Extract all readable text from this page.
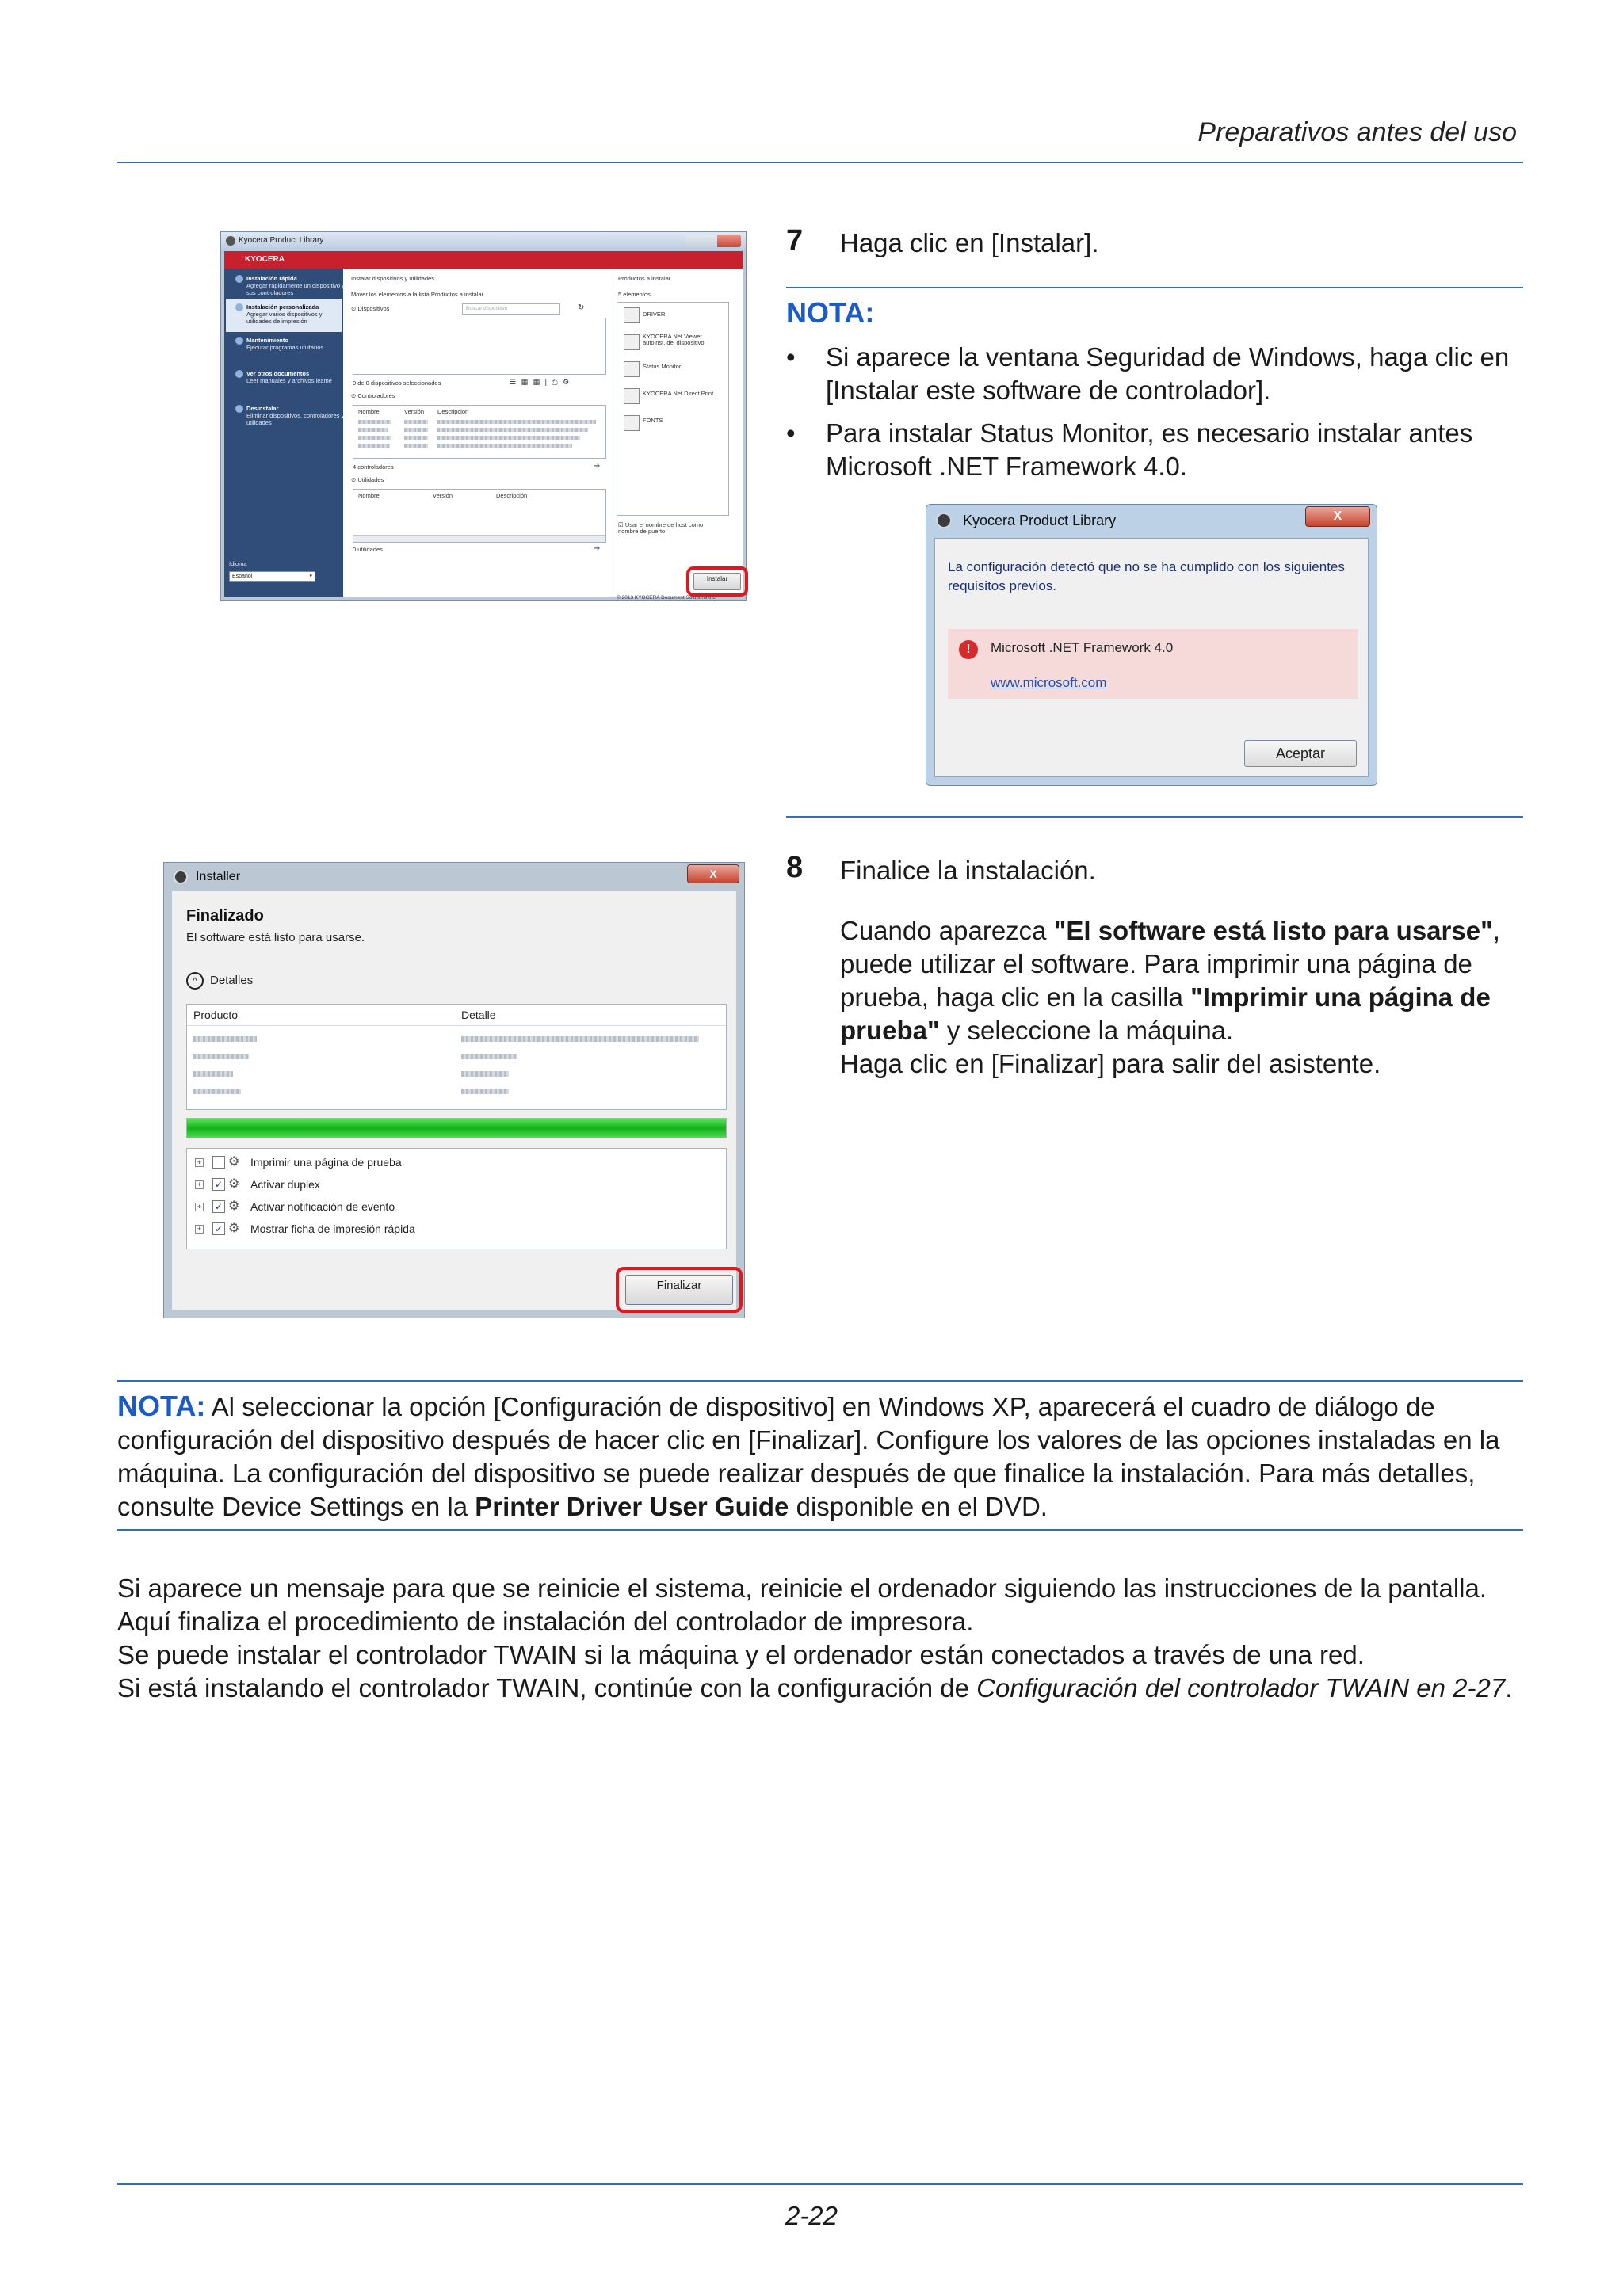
Preparativos antes del uso
Kyocera Product Library
KYOCERA
Instalación rápida
Agregar rápidamente un dispositivo y sus controladores
Instalación personalizada
Agregar varios dispositivos y utilidades de impresión
Mantenimiento
Ejecutar programas utilitarios
Ver otros documentos
Leer manuales y archivos léame
Desinstalar
Eliminar dispositivos, controladores y utilidades
Idioma
Español	▾
Instalar dispositivos y utilidades
Mover los elementos a la lista Productos a instalar.
⊙ Dispositivos	Buscar dispositivo	↻
0 de 0 dispositivos seleccionados	☰ ▦ ▦ | ⎙ ⚙
⊙ Controladores
Nombre	Versión Descripción
4 controladores	➜
⊙ Utilidades
Nombre	Versión	Descripción
0 utilidades	➜
Productos a instalar
5 elementos
DRIVER
KYOCERA Net Viewer
autoinst. del dispositivo
Status Monitor
KYOCERA Net Direct Print
FONTS
☑ Usar el nombre de host como nombre de puerto
© 2013 KYOCERA Document Solutions Inc.
Instalar
7 Haga clic en [Instalar].
NOTA:
• Si aparece la ventana Seguridad de Windows, haga clic en [Instalar este software de controlador].
• Para instalar Status Monitor, es necesario instalar antes Microsoft .NET Framework 4.0.
Kyocera Product Library	X
La configuración detectó que no se ha cumplido con los siguientes requisitos previos.
!	Microsoft .NET Framework 4.0
www.microsoft.com
Aceptar
8 Finalice la instalación.
Cuando aparezca "El software está listo para usarse", puede utilizar el software. Para imprimir una página de prueba, haga clic en la casilla "Imprimir una página de prueba" y seleccione la máquina.
Haga clic en [Finalizar] para salir del asistente.
Installer	X
Finalizado
El software está listo para usarse.
^	Detalles
Producto	Detalle
+ ⚙ Imprimir una página de prueba
+ ✓ ⚙ Activar duplex
+ ✓ ⚙ Activar notificación de evento
+ ✓ ⚙ Mostrar ficha de impresión rápida
Finalizar
NOTA: Al seleccionar la opción [Configuración de dispositivo] en Windows XP, aparecerá el cuadro de diálogo de configuración del dispositivo después de hacer clic en [Finalizar]. Configure los valores de las opciones instaladas en la máquina. La configuración del dispositivo se puede realizar después de que finalice la instalación. Para más detalles, consulte Device Settings en la Printer Driver User Guide disponible en el DVD.
Si aparece un mensaje para que se reinicie el sistema, reinicie el ordenador siguiendo las instrucciones de la pantalla. Aquí finaliza el procedimiento de instalación del controlador de impresora.
Se puede instalar el controlador TWAIN si la máquina y el ordenador están conectados a través de una red.
Si está instalando el controlador TWAIN, continúe con la configuración de Configuración del controlador TWAIN en 2-27.
2-22
